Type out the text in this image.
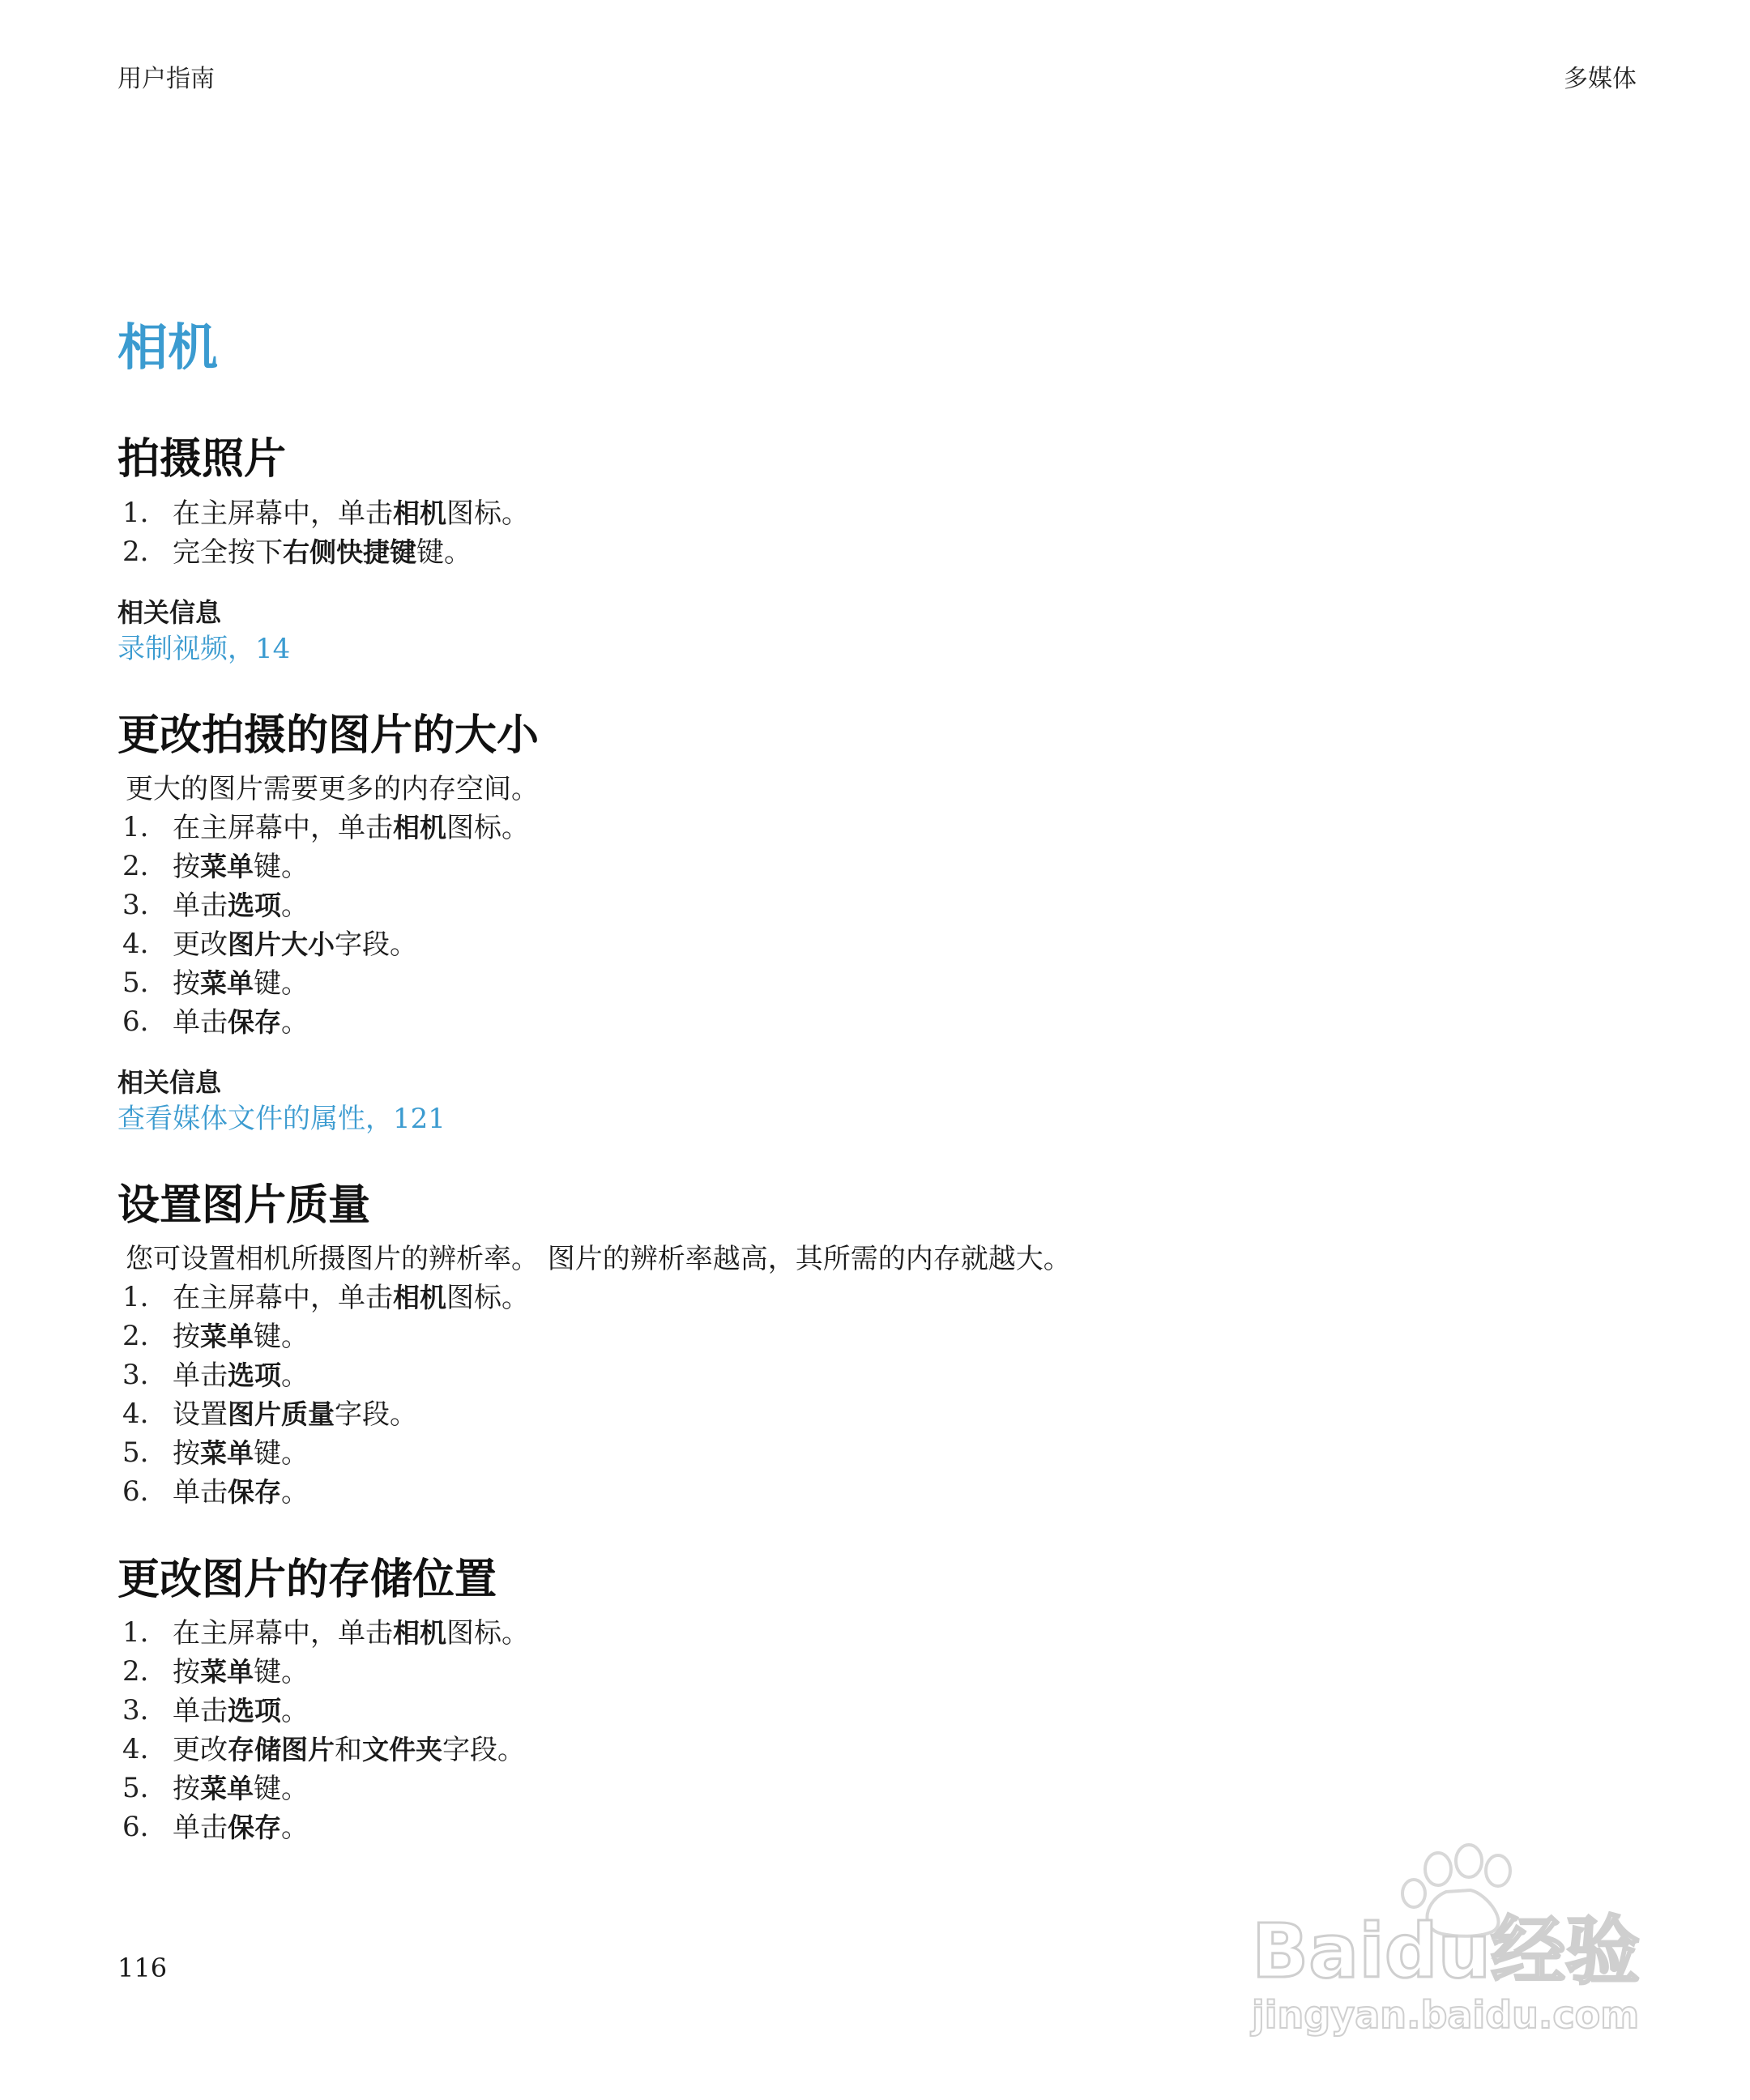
用户指南	多媒体
相机
拍摄照片
1. 在主屏幕中，单击相机图标。
2. 完全按下右侧快捷键键。
相关信息
录制视频，14
更改拍摄的图片的大小
更大的图片需要更多的内存空间。
1. 在主屏幕中，单击相机图标。
2. 按菜单键。
3. 单击选项。
4. 更改图片大小字段。
5. 按菜单键。
6. 单击保存。
相关信息
查看媒体文件的属性，121
设置图片质量
您可设置相机所摄图片的辨析率。 图片的辨析率越高，其所需的内存就越大。
1. 在主屏幕中，单击相机图标。
2. 按菜单键。
3. 单击选项。
4. 设置图片质量字段。
5. 按菜单键。
6. 单击保存。
更改图片的存储位置
1. 在主屏幕中，单击相机图标。
2. 按菜单键。
3. 单击选项。
4. 更改存储图片和文件夹字段。
5. 按菜单键。
6. 单击保存。
116	Baidu经验
jingyan.baidu.com
